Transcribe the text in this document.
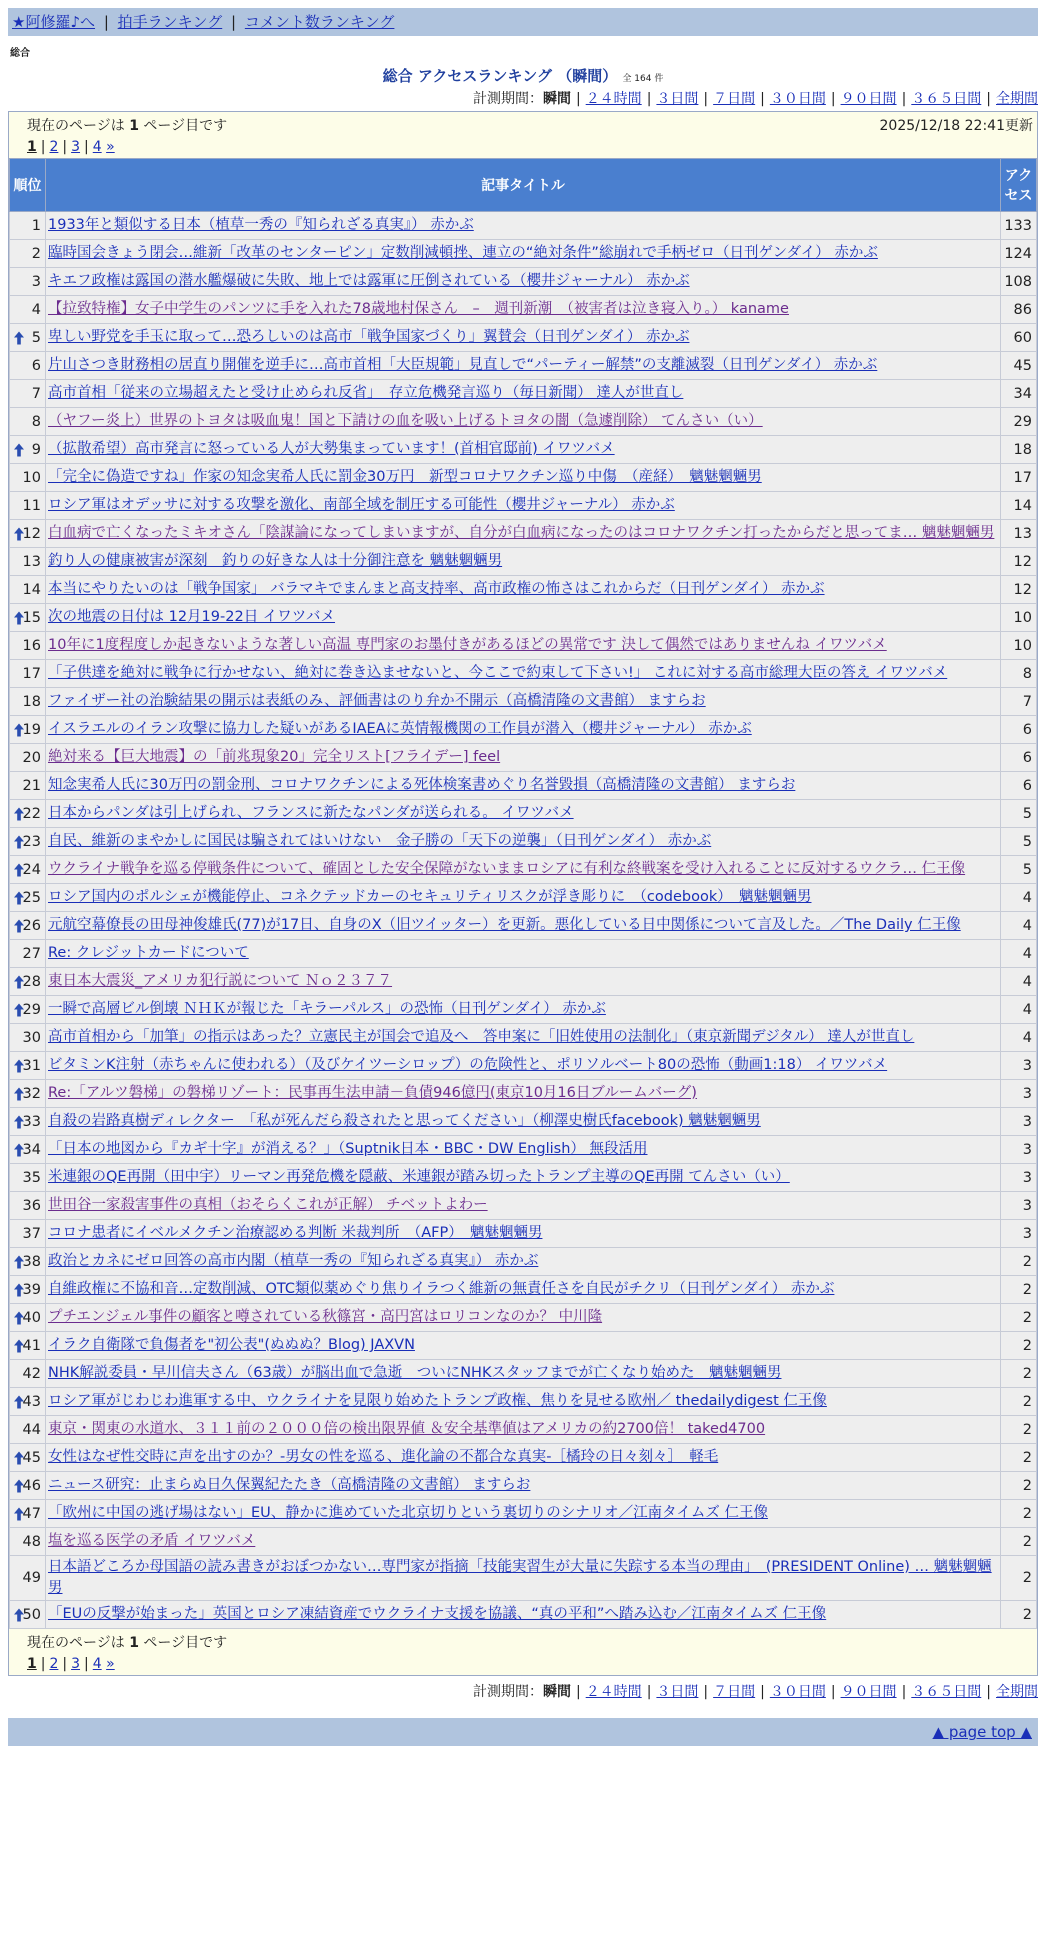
★阿修羅♪へ | 拍手ランキング | コメント数ランキング
総合
総合 アクセスランキング （瞬間） 全 164 件
計測期間：瞬間 | ２４時間 | ３日間 | ７日間 | ３０日間 | ９０日間 | ３６５日間 | 全期間
現在のページは 1 ページ目です	2025/12/18 22:41更新
1 | 2 | 3 | 4 »
順位	記事タイトル	アクセス
1	1933年と類似する日本（植草一秀の『知られざる真実』） 赤かぶ	133
2	臨時国会きょう閉会…維新「改革のセンターピン」定数削減頓挫、連立の“絶対条件”総崩れで手柄ゼロ（日刊ゲンダイ） 赤かぶ	124
3	キエフ政権は露国の潜水艦爆破に失敗、地上では露軍に圧倒されている（櫻井ジャーナル） 赤かぶ	108
4	【拉致特権】女子中学生のパンツに手を入れた78歳地村保さん　–　週刊新潮　（被害者は泣き寝入り。） kaname	86

5	卑しい野党を手玉に取って…恐ろしいのは高市「戦争国家づくり」翼賛会（日刊ゲンダイ） 赤かぶ	60
6	片山さつき財務相の居直り開催を逆手に…高市首相「大臣規範」見直しで“パーティー解禁”の支離滅裂（日刊ゲンダイ） 赤かぶ	45
7	高市首相「従来の立場超えたと受け止められ反省」　存立危機発言巡り（毎日新聞） 達人が世直し	34
8	（ヤフー炎上）世界のトヨタは吸血鬼！国と下請けの血を吸い上げるトヨタの闇（急遽削除） てんさい（い）	29

9	（拡散希望）高市発言に怒っている人が大勢集まっています！(首相官邸前) イワツバメ	18
10	「完全に偽造ですね」作家の知念実希人氏に罰金30万円　新型コロナワクチン巡り中傷　（産経）　魑魅魍魎男	17
11	ロシア軍はオデッサに対する攻撃を激化、南部全域を制圧する可能性（櫻井ジャーナル） 赤かぶ	14

12	白血病で亡くなったミキオさん「陰謀論になってしまいますが、自分が白血病になったのはコロナワクチン打ったからだと思ってま… 魑魅魍魎男	13
13	釣り人の健康被害が深刻　釣りの好きな人は十分御注意を 魑魅魍魎男	12
14	本当にやりたいのは「戦争国家」 バラマキでまんまと高支持率、高市政権の怖さはこれからだ（日刊ゲンダイ） 赤かぶ	12

15	次の地震の日付は 12月19-22日 イワツバメ	10
16	10年に1度程度しか起きないような著しい高温 専門家のお墨付きがあるほどの異常です 決して偶然ではありませんね イワツバメ	10
17	「子供達を絶対に戦争に行かせない、絶対に巻き込ませないと、今ここで約束して下さい!」 これに対する高市総理大臣の答え イワツバメ	8
18	ファイザー社の治験結果の開示は表紙のみ、評価書はのり弁か不開示（高橋清隆の文書館） ますらお	7

19	イスラエルのイラン攻撃に協力した疑いがあるIAEAに英情報機関の工作員が潜入（櫻井ジャーナル） 赤かぶ	6
20	絶対来る【巨大地震】の「前兆現象20」完全リスト[フライデー] feel	6
21	知念実希人氏に30万円の罰金刑、コロナワクチンによる死体検案書めぐり名誉毀損（高橋清隆の文書館） ますらお	6

22	日本からパンダは引上げられ、フランスに新たなパンダが送られる。 イワツバメ	5

23	自民、維新のまやかしに国民は騙されてはいけない　金子勝の「天下の逆襲」（日刊ゲンダイ） 赤かぶ	5

24	ウクライナ戦争を巡る停戦条件について、確固とした安全保障がないままロシアに有利な終戦案を受け入れることに反対するウクラ… 仁王像	5

25	ロシア国内のポルシェが機能停止、コネクテッドカーのセキュリティリスクが浮き彫りに　（codebook）　魑魅魍魎男	4

26	元航空幕僚長の田母神俊雄氏(77)が17日、自身のX（旧ツイッター）を更新。悪化している日中関係について言及した。／The Daily 仁王像	4
27	Re: クレジットカードについて	4

28	東日本大震災_アメリカ犯行説について Ｎｏ２３７７	4

29	一瞬で高層ビル倒壊 ＮＨＫが報じた「キラーパルス」の恐怖（日刊ゲンダイ） 赤かぶ	4
30	高市首相から「加筆」の指示はあった？立憲民主が国会で追及へ　答申案に「旧姓使用の法制化」（東京新聞デジタル） 達人が世直し	4

31	ビタミンK注射（赤ちゃんに使われる）（及びケイツーシロップ）の危険性と、ポリソルベート80の恐怖（動画1:18） イワツバメ	3

32	Re:「アルツ磐梯」の磐梯リゾート：民事再生法申請－負債946億円(東京10月16日ブルームバーグ)	3

33	自殺の岩路真樹ディレクター　「私が死んだら殺されたと思ってください」（柳澤史樹氏facebook) 魑魅魍魎男	3

34	「日本の地図から『カギ十字』が消える？」（Suptnik日本・BBC・DW English） 無段活用	3
35	米連銀のQE再開（田中宇）リーマン再発危機を隠蔽、米連銀が踏み切ったトランプ主導のQE再開 てんさい（い）	3
36	世田谷一家殺害事件の真相（おそらくこれが正解） チベットよわー	3
37	コロナ患者にイベルメクチン治療認める判断 米裁判所　（AFP）　魑魅魍魎男	3

38	政治とカネにゼロ回答の高市内閣（植草一秀の『知られざる真実』） 赤かぶ	2

39	自維政権に不協和音…定数削減、OTC類似薬めぐり焦りイラつく維新の無責任さを自民がチクリ（日刊ゲンダイ） 赤かぶ	2

40	プチエンジェル事件の顧客と噂されている秋篠宮・高円宮はロリコンなのか？ 中川隆	2

41	イラク自衛隊で負傷者を"初公表"(ぬぬぬ？Blog) JAXVN	2
42	NHK解説委員・早川信夫さん（63歳）が脳出血で急逝　ついにNHKスタッフまでが亡くなり始めた　魑魅魍魎男	2

43	ロシア軍がじわじわ進軍する中、ウクライナを見限り始めたトランプ政権、焦りを見せる欧州／ thedailydigest 仁王像	2
44	東京・関東の水道水、３１１前の２０００倍の検出限界値 ＆安全基準値はアメリカの約2700倍！ taked4700	2

45	女性はなぜ性交時に声を出すのか？-男女の性を巡る、進化論の不都合な真実-［橘玲の日々刻々］　軽毛	2

46	ニュース研究：止まらぬ日久保翼紀たたき（高橋清隆の文書館） ますらお	2

47	「欧州に中国の逃げ場はない」EU、静かに進めていた北京切りという裏切りのシナリオ／江南タイムズ 仁王像	2
48	塩を巡る医学の矛盾 イワツバメ	2
49	日本語どころか母国語の読み書きがおぼつかない…専門家が指摘「技能実習生が大量に失踪する本当の理由」　(PRESIDENT Online) … 魑魅魍魎男	2

50	「EUの反撃が始まった」英国とロシア凍結資産でウクライナ支援を協議、“真の平和”へ踏み込む／江南タイムズ 仁王像	2
現在のページは 1 ページ目です
1 | 2 | 3 | 4 »
計測期間：瞬間 | ２４時間 | ３日間 | ７日間 | ３０日間 | ９０日間 | ３６５日間 | 全期間
▲ page top ▲
